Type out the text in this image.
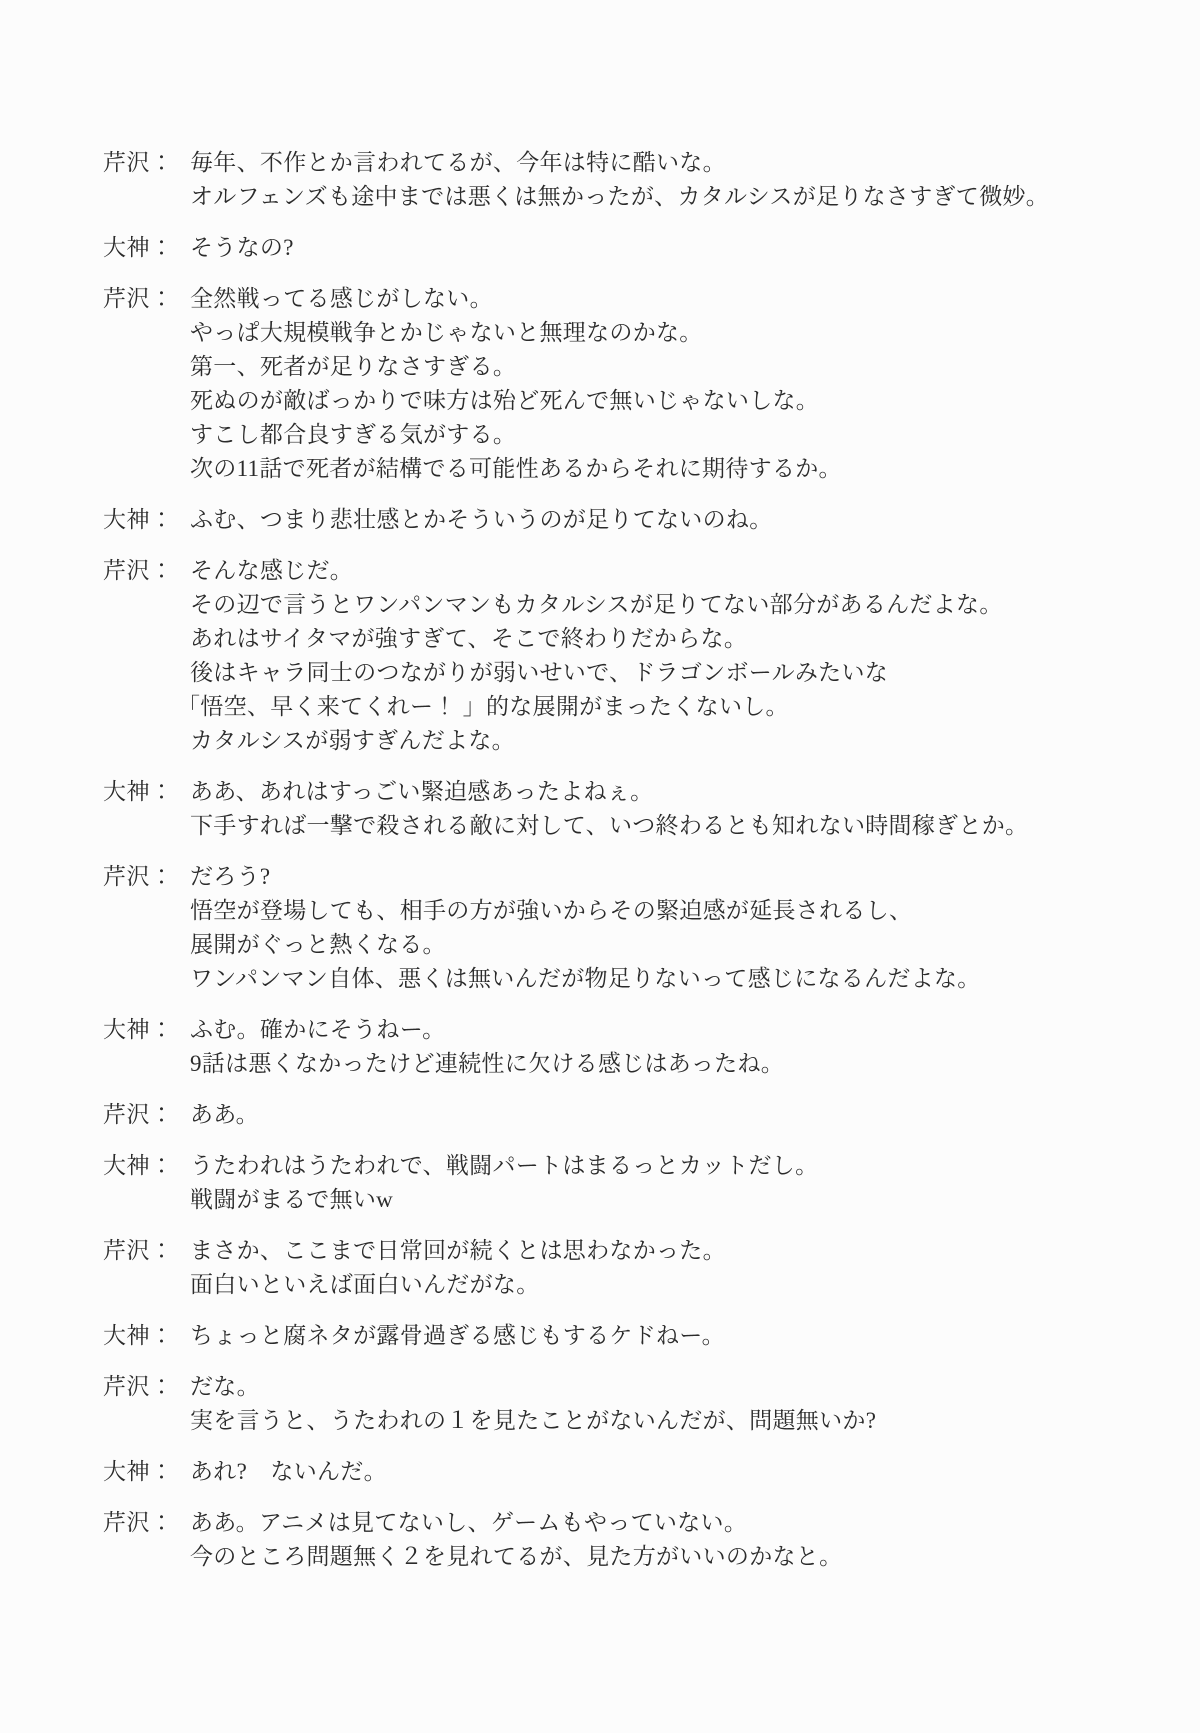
芹沢： 毎年、不作とか言われてるが、今年は特に酷いな。
オルフェンズも途中までは悪くは無かったが、カタルシスが足りなさすぎて微妙。
大神： そうなの?
芹沢： 全然戦ってる感じがしない。
やっぱ大規模戦争とかじゃないと無理なのかな。
第一、死者が足りなさすぎる。
死ぬのが敵ばっかりで味方は殆ど死んで無いじゃないしな。
すこし都合良すぎる気がする。
次の11話で死者が結構でる可能性あるからそれに期待するか。
大神： ふむ、つまり悲壮感とかそういうのが足りてないのね。
芹沢： そんな感じだ。
その辺で言うとワンパンマンもカタルシスが足りてない部分があるんだよな。
あれはサイタマが強すぎて、そこで終わりだからな。
後はキャラ同士のつながりが弱いせいで、ドラゴンボールみたいな
「悟空、早く来てくれー！ 」的な展開がまったくないし。
カタルシスが弱すぎんだよな。
大神： ああ、あれはすっごい緊迫感あったよねぇ。
下手すれば一撃で殺される敵に対して、いつ終わるとも知れない時間稼ぎとか。
芹沢： だろう?
悟空が登場しても、相手の方が強いからその緊迫感が延長されるし、
展開がぐっと熱くなる。
ワンパンマン自体、悪くは無いんだが物足りないって感じになるんだよな。
大神： ふむ。確かにそうねー。
9話は悪くなかったけど連続性に欠ける感じはあったね。
芹沢： ああ。
大神： うたわれはうたわれで、戦闘パートはまるっとカットだし。
戦闘がまるで無いw
芹沢： まさか、ここまで日常回が続くとは思わなかった。
面白いといえば面白いんだがな。
大神： ちょっと腐ネタが露骨過ぎる感じもするケドねー。
芹沢： だな。
実を言うと、うたわれの１を見たことがないんだが、問題無いか?
大神： あれ?　ないんだ。
芹沢： ああ。アニメは見てないし、ゲームもやっていない。
今のところ問題無く２を見れてるが、見た方がいいのかなと。
